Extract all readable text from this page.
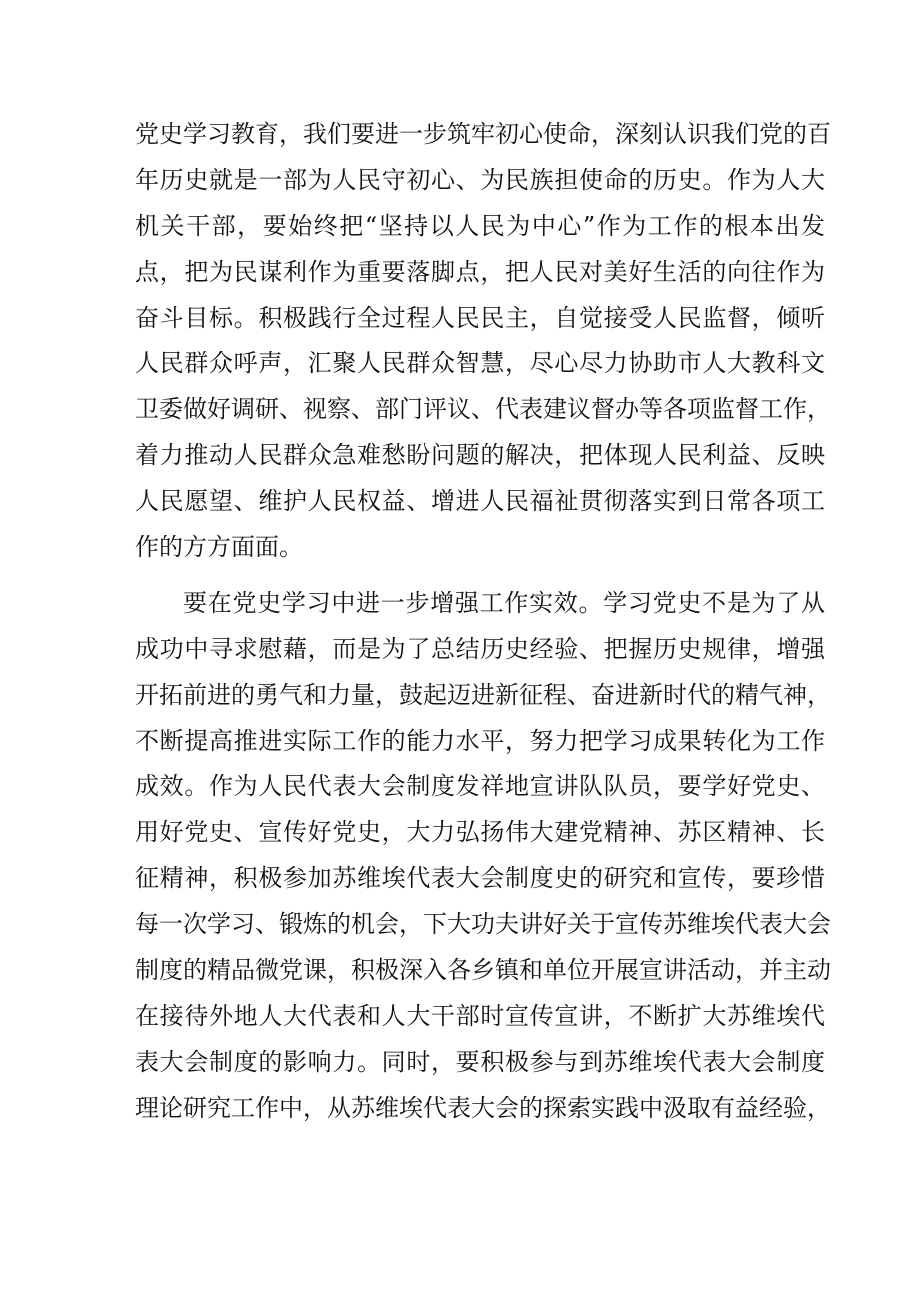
党史学习教育，我们要进一步筑牢初心使命，深刻认识我们党的百
年历史就是一部为人民守初心、为民族担使命的历史。作为人大
机关干部，要始终把“坚持以人民为中心”作为工作的根本出发
点，把为民谋利作为重要落脚点，把人民对美好生活的向往作为
奋斗目标。积极践行全过程人民民主，自觉接受人民监督，倾听
人民群众呼声，汇聚人民群众智慧，尽心尽力协助市人大教科文
卫委做好调研、视察、部门评议、代表建议督办等各项监督工作，
着力推动人民群众急难愁盼问题的解决，把体现人民利益、反映
人民愿望、维护人民权益、增进人民福祉贯彻落实到日常各项工
作的方方面面。
要在党史学习中进一步增强工作实效。学习党史不是为了从
成功中寻求慰藉，而是为了总结历史经验、把握历史规律，增强
开拓前进的勇气和力量，鼓起迈进新征程、奋进新时代的精气神，
不断提高推进实际工作的能力水平，努力把学习成果转化为工作
成效。作为人民代表大会制度发祥地宣讲队队员，要学好党史、
用好党史、宣传好党史，大力弘扬伟大建党精神、苏区精神、长
征精神，积极参加苏维埃代表大会制度史的研究和宣传，要珍惜
每一次学习、锻炼的机会，下大功夫讲好关于宣传苏维埃代表大会
制度的精品微党课，积极深入各乡镇和单位开展宣讲活动，并主动
在接待外地人大代表和人大干部时宣传宣讲，不断扩大苏维埃代
表大会制度的影响力。同时，要积极参与到苏维埃代表大会制度
理论研究工作中，从苏维埃代表大会的探索实践中汲取有益经验，
